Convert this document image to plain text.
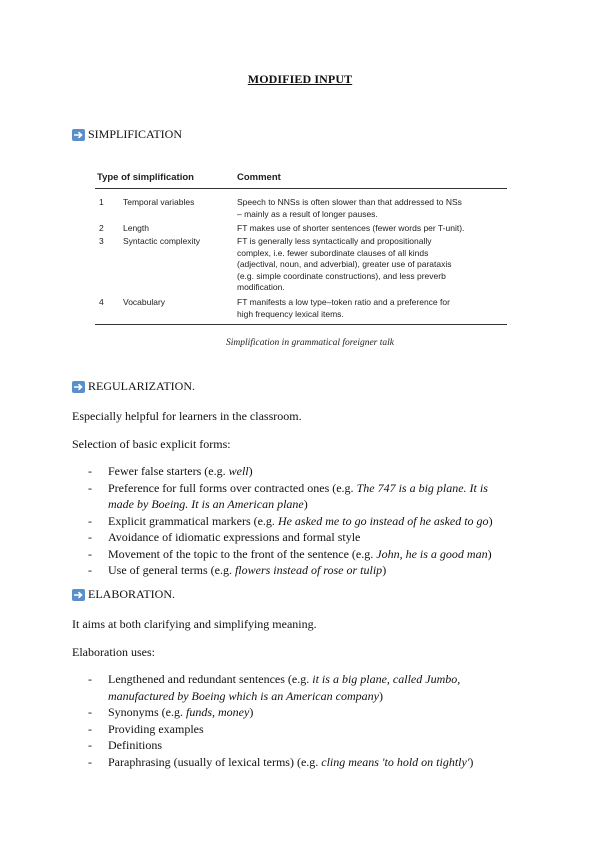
MODIFIED INPUT
SIMPLIFICATION
Type of simplification	Comment
1 Temporal variables	Speech to NNSs is often slower than that addressed to NSs
– mainly as a result of longer pauses.
2 Length	FT makes use of shorter sentences (fewer words per T-unit).
3 Syntactic complexity	FT is generally less syntactically and propositionally
complex, i.e. fewer subordinate clauses of all kinds
(adjectival, noun, and adverbial), greater use of parataxis
(e.g. simple coordinate constructions), and less preverb
modification.
4 Vocabulary	FT manifests a low type–token ratio and a preference for
high frequency lexical items.
Simplification in grammatical foreigner talk
REGULARIZATION.
Especially helpful for learners in the classroom.
Selection of basic explicit forms:
- Fewer false starters (e.g. well)
- Preference for full forms over contracted ones (e.g. The 747 is a big plane. It is made by Boeing. It is an American plane)
- Explicit grammatical markers (e.g. He asked me to go instead of he asked to go)
- Avoidance of idiomatic expressions and formal style
- Movement of the topic to the front of the sentence (e.g. John, he is a good man)
- Use of general terms (e.g. flowers instead of rose or tulip)
ELABORATION.
It aims at both clarifying and simplifying meaning.
Elaboration uses:
- Lengthened and redundant sentences (e.g. it is a big plane, called Jumbo, manufactured by Boeing which is an American company)
- Synonyms (e.g. funds, money)
- Providing examples
- Definitions
- Paraphrasing (usually of lexical terms) (e.g. cling means 'to hold on tightly')
